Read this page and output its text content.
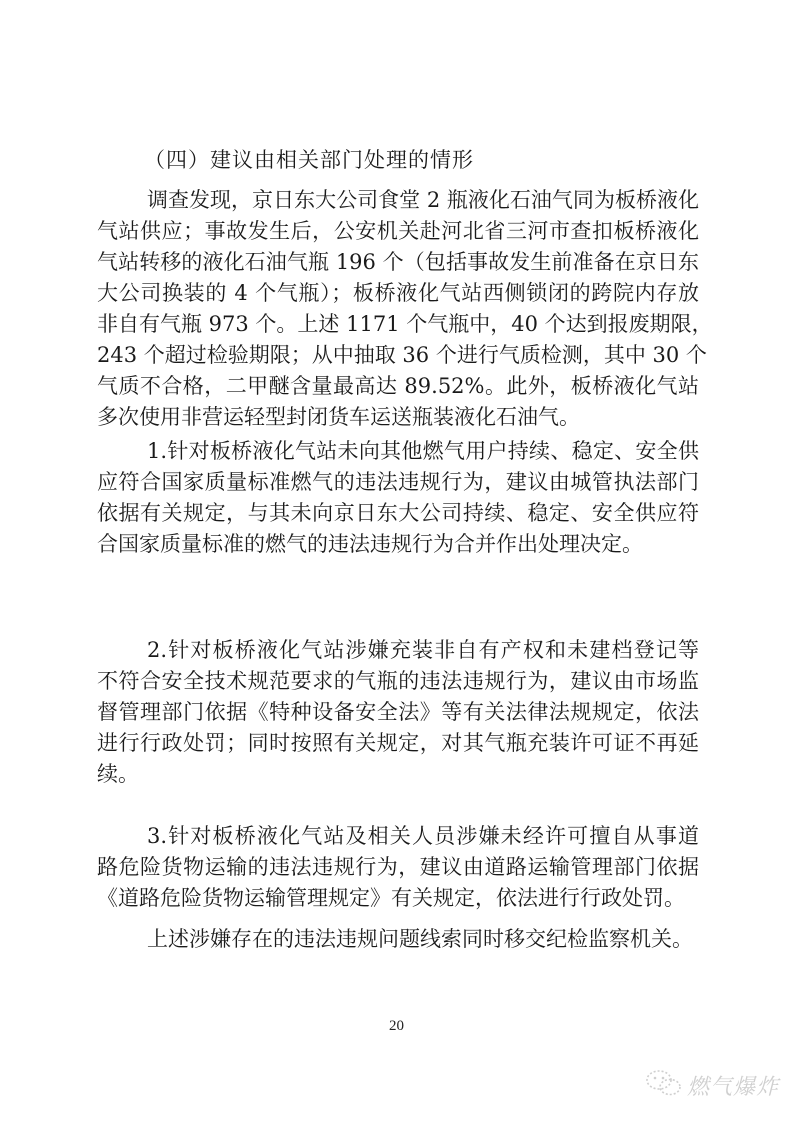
（四）建议由相关部门处理的情形
调查发现，京日东大公司食堂 2 瓶液化石油气同为板桥液化
气站供应；事故发生后，公安机关赴河北省三河市查扣板桥液化
气站转移的液化石油气瓶 196 个（包括事故发生前准备在京日东
大公司换装的 4 个气瓶）；板桥液化气站西侧锁闭的跨院内存放
非自有气瓶 973 个。上述 1171 个气瓶中，40 个达到报废期限，
243 个超过检验期限；从中抽取 36 个进行气质检测，其中 30 个
气质不合格，二甲醚含量最高达 89.52%。此外，板桥液化气站
多次使用非营运轻型封闭货车运送瓶装液化石油气。
1.针对板桥液化气站未向其他燃气用户持续、稳定、安全供
应符合国家质量标准燃气的违法违规行为，建议由城管执法部门
依据有关规定，与其未向京日东大公司持续、稳定、安全供应符
合国家质量标准的燃气的违法违规行为合并作出处理决定。
2.针对板桥液化气站涉嫌充装非自有产权和未建档登记等
不符合安全技术规范要求的气瓶的违法违规行为，建议由市场监
督管理部门依据《特种设备安全法》等有关法律法规规定，依法
进行行政处罚；同时按照有关规定，对其气瓶充装许可证不再延
续。
3.针对板桥液化气站及相关人员涉嫌未经许可擅自从事道
路危险货物运输的违法违规行为，建议由道路运输管理部门依据
《道路危险货物运输管理规定》有关规定，依法进行行政处罚。
上述涉嫌存在的违法违规问题线索同时移交纪检监察机关。
20
燃气爆炸
